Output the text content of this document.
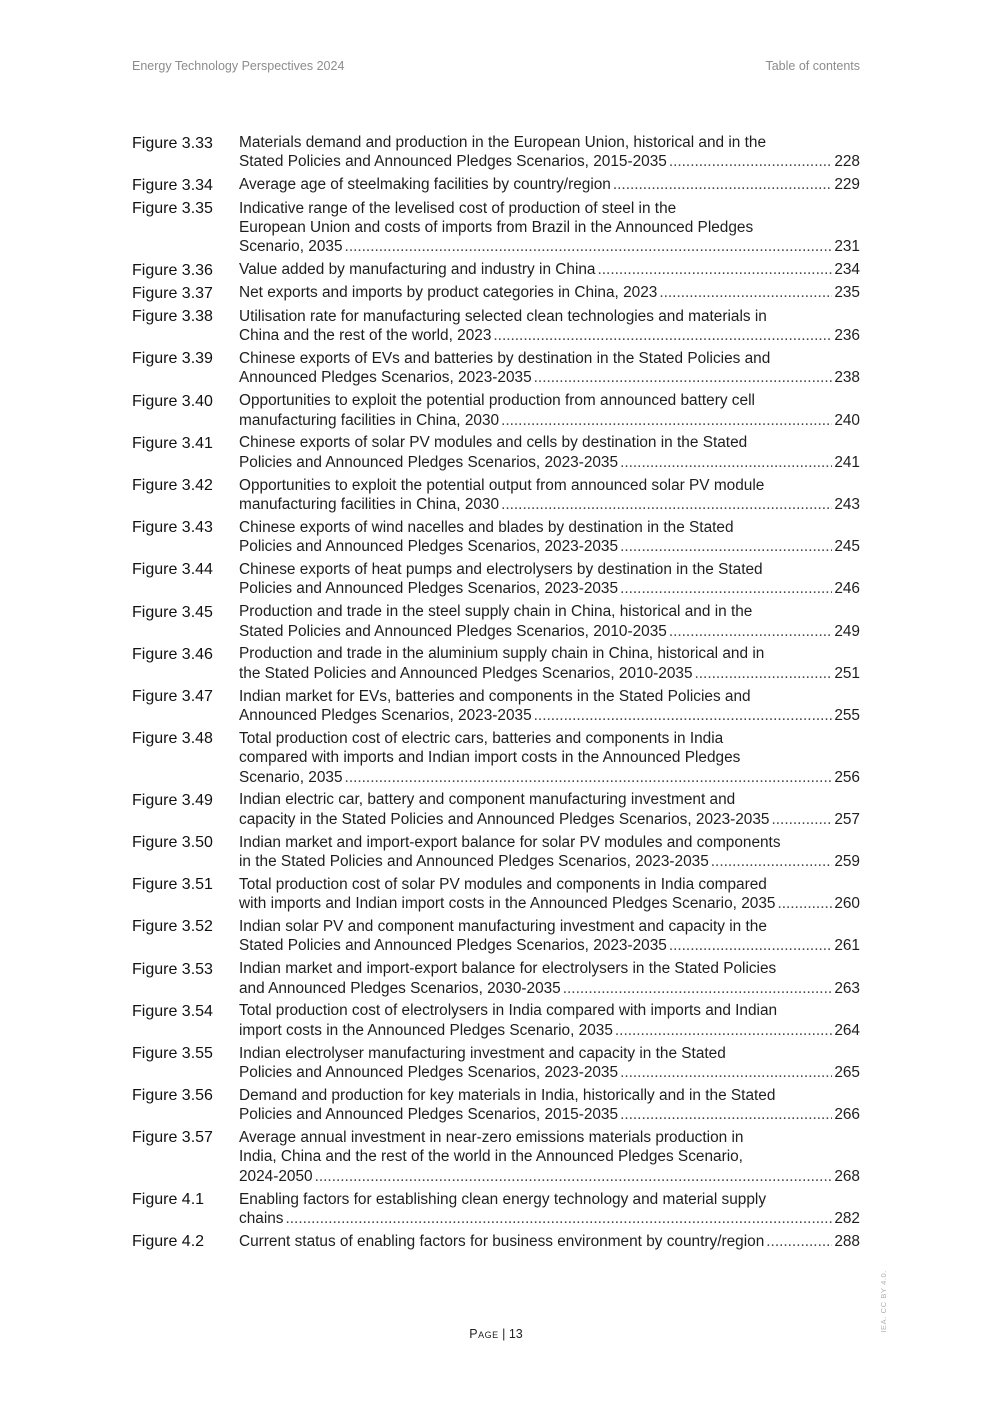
Energy Technology Perspectives 2024	Table of contents
Figure 3.33	Materials demand and production in the European Union, historical and in the
Stated Policies and Announced Pledges Scenarios, 2015-2035 .....	228
Figure 3.34	Average age of steelmaking facilities by country/region .....	229
Figure 3.35	Indicative range of the levelised cost of production of steel in the
European Union and costs of imports from Brazil in the Announced Pledges
Scenario, 2035 .....	231
Figure 3.36	Value added by manufacturing and industry in China .....	234
Figure 3.37	Net exports and imports by product categories in China, 2023 .....	235
Figure 3.38	Utilisation rate for manufacturing selected clean technologies and materials in
China and the rest of the world, 2023 .....	236
Figure 3.39	Chinese exports of EVs and batteries by destination in the Stated Policies and
Announced Pledges Scenarios, 2023-2035 .....	238
Figure 3.40	Opportunities to exploit the potential production from announced battery cell
manufacturing facilities in China, 2030 .....	240
Figure 3.41	Chinese exports of solar PV modules and cells by destination in the Stated
Policies and Announced Pledges Scenarios, 2023-2035 .....	241
Figure 3.42	Opportunities to exploit the potential output from announced solar PV module
manufacturing facilities in China, 2030 .....	243
Figure 3.43	Chinese exports of wind nacelles and blades by destination in the Stated
Policies and Announced Pledges Scenarios, 2023-2035 .....	245
Figure 3.44	Chinese exports of heat pumps and electrolysers by destination in the Stated
Policies and Announced Pledges Scenarios, 2023-2035 .....	246
Figure 3.45	Production and trade in the steel supply chain in China, historical and in the
Stated Policies and Announced Pledges Scenarios, 2010-2035 .....	249
Figure 3.46	Production and trade in the aluminium supply chain in China, historical and in
the Stated Policies and Announced Pledges Scenarios, 2010-2035 .....	251
Figure 3.47	Indian market for EVs, batteries and components in the Stated Policies and
Announced Pledges Scenarios, 2023-2035 .....	255
Figure 3.48	Total production cost of electric cars, batteries and components in India
compared with imports and Indian import costs in the Announced Pledges
Scenario, 2035 .....	256
Figure 3.49	Indian electric car, battery and component manufacturing investment and
capacity in the Stated Policies and Announced Pledges Scenarios, 2023-2035 .....	257
Figure 3.50	Indian market and import-export balance for solar PV modules and components
in the Stated Policies and Announced Pledges Scenarios, 2023-2035 .....	259
Figure 3.51	Total production cost of solar PV modules and components in India compared
with imports and Indian import costs in the Announced Pledges Scenario, 2035 .....	260
Figure 3.52	Indian solar PV and component manufacturing investment and capacity in the
Stated Policies and Announced Pledges Scenarios, 2023-2035 .....	261
Figure 3.53	Indian market and import-export balance for electrolysers in the Stated Policies
and Announced Pledges Scenarios, 2030-2035 .....	263
Figure 3.54	Total production cost of electrolysers in India compared with imports and Indian
import costs in the Announced Pledges Scenario, 2035 .....	264
Figure 3.55	Indian electrolyser manufacturing investment and capacity in the Stated
Policies and Announced Pledges Scenarios, 2023-2035 .....	265
Figure 3.56	Demand and production for key materials in India, historically and in the Stated
Policies and Announced Pledges Scenarios, 2015-2035 .....	266
Figure 3.57	Average annual investment in near-zero emissions materials production in
India, China and the rest of the world in the Announced Pledges Scenario,
2024-2050 .....	268
Figure 4.1	Enabling factors for establishing clean energy technology and material supply
chains .....	282
Figure 4.2	Current status of enabling factors for business environment by country/region .....	288
Page | 13
IEA. CC BY 4.0.
